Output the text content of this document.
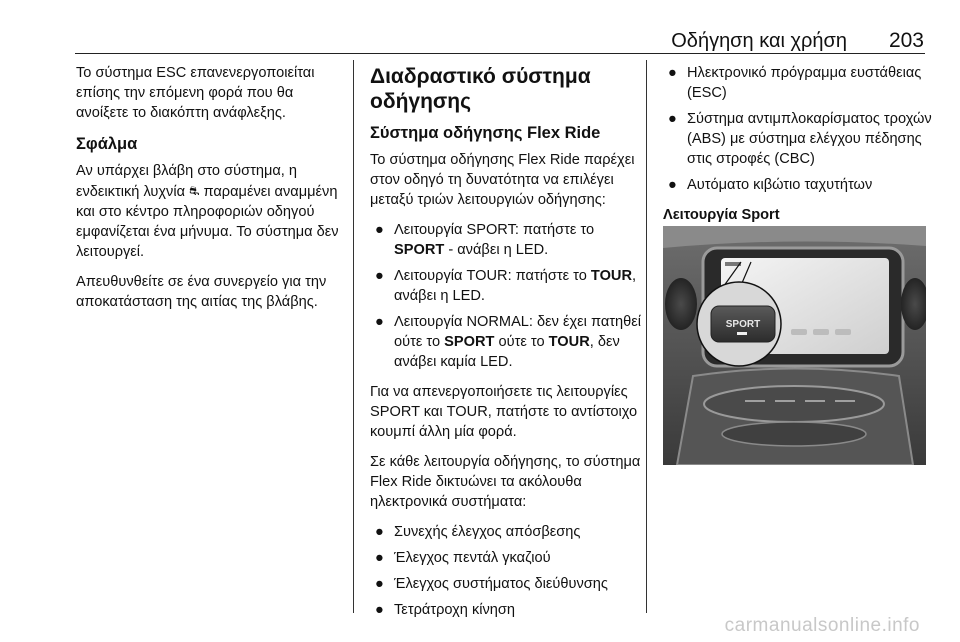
Οδήγηση και χρήση 203

Το σύστημα ESC επανενεργοποιείται επίσης την επόμενη φορά που θα ανοίξετε το διακόπτη ανάφλεξης.

Σφάλμα

Αν υπάρχει βλάβη στο σύστημα, η ενδεικτική λυχνία ⛐ παραμένει αναμμένη και στο κέντρο πληροφοριών οδηγού εμφανίζεται ένα μήνυμα. Το σύστημα δεν λειτουργεί.

Απευθυνθείτε σε ένα συνεργείο για την αποκατάσταση της αιτίας της βλάβης.

Διαδραστικό σύστημα οδήγησης
Σύστημα οδήγησης Flex Ride

Το σύστημα οδήγησης Flex Ride παρέχει στον οδηγό τη δυνατότητα να επιλέγει μεταξύ τριών λειτουργιών οδήγησης:

● Λειτουργία SPORT: πατήστε το SPORT - ανάβει η LED.
● Λειτουργία TOUR: πατήστε το TOUR, ανάβει η LED.
● Λειτουργία NORMAL: δεν έχει πατηθεί ούτε το SPORT ούτε το TOUR, δεν ανάβει καμία LED.

Για να απενεργοποιήσετε τις λειτουργίες SPORT και TOUR, πατήστε το αντίστοιχο κουμπί άλλη μία φορά.

Σε κάθε λειτουργία οδήγησης, το σύστημα Flex Ride δικτυώνει τα ακόλουθα ηλεκτρονικά συστήματα:

● Συνεχής έλεγχος απόσβεσης
● Έλεγχος πεντάλ γκαζιού
● Έλεγχος συστήματος διεύθυνσης
● Τετράτροχη κίνηση
● Ηλεκτρονικό πρόγραμμα ευστάθειας (ESC)
● Σύστημα αντιμπλοκαρίσματος τροχών (ABS) με σύστημα ελέγχου πέδησης στις στροφές (CBC)
● Αυτόματο κιβώτιο ταχυτήτων
Λειτουργία Sport
SPORT
carmanualsonline.info
